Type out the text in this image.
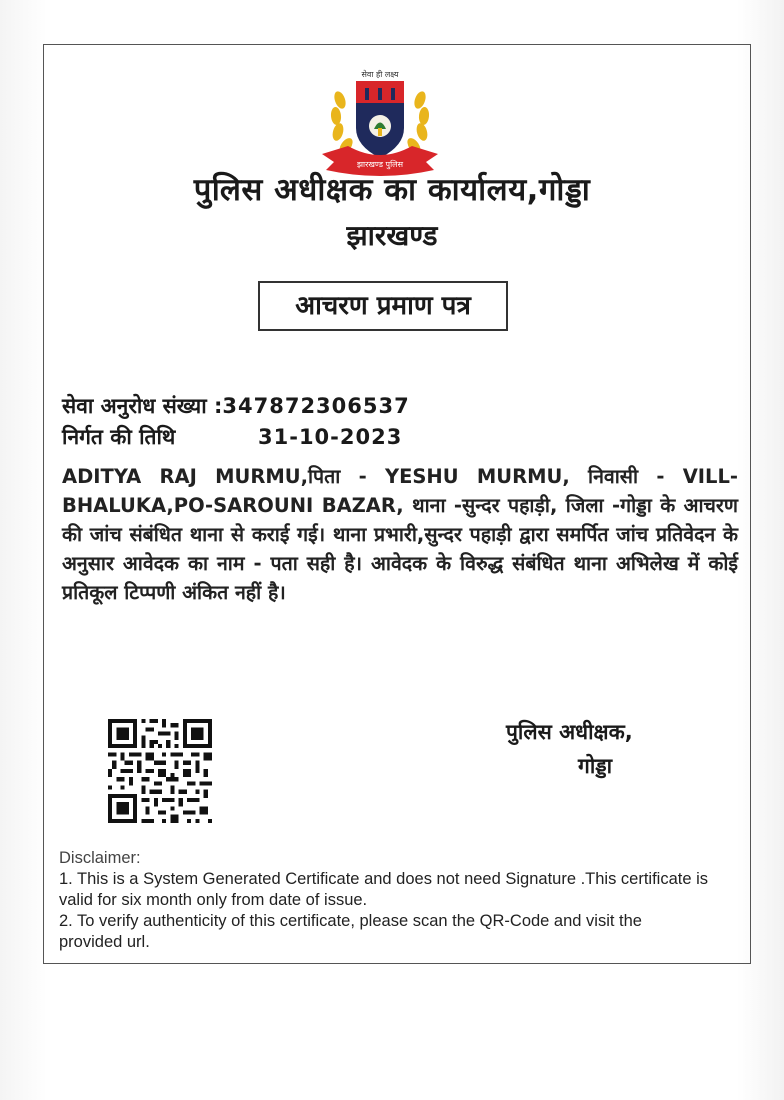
सेवा ही लक्ष्य
झारखण्ड पुलिस
पुलिस अधीक्षक का कार्यालय,गोड्डा
झारखण्ड
आचरण प्रमाण पत्र
सेवा अनुरोध संख्या :347872306537
निर्गत की तिथि	31-10-2023
ADITYA RAJ MURMU,पिता - YESHU MURMU, निवासी - VILL-BHALUKA,PO-SAROUNI BAZAR, थाना -सुन्दर पहाड़ी, जिला -गोड्डा के आचरण की जांच संबंधित थाना से कराई गई। थाना प्रभारी,सुन्दर पहाड़ी द्वारा समर्पित जांच प्रतिवेदन के अनुसार आवेदक का नाम - पता सही है। आवेदक के विरुद्ध संबंधित थाना अभिलेख में कोई प्रतिकूल टिप्पणी अंकित नहीं है।
पुलिस अधीक्षक,
गोड्डा

Disclaimer:

1. This is a System Generated Certificate and does not need Signature .This certificate is valid for six month only from date of issue.

2. To verify authenticity of this certificate, please scan the QR-Code and visit the provided url.
